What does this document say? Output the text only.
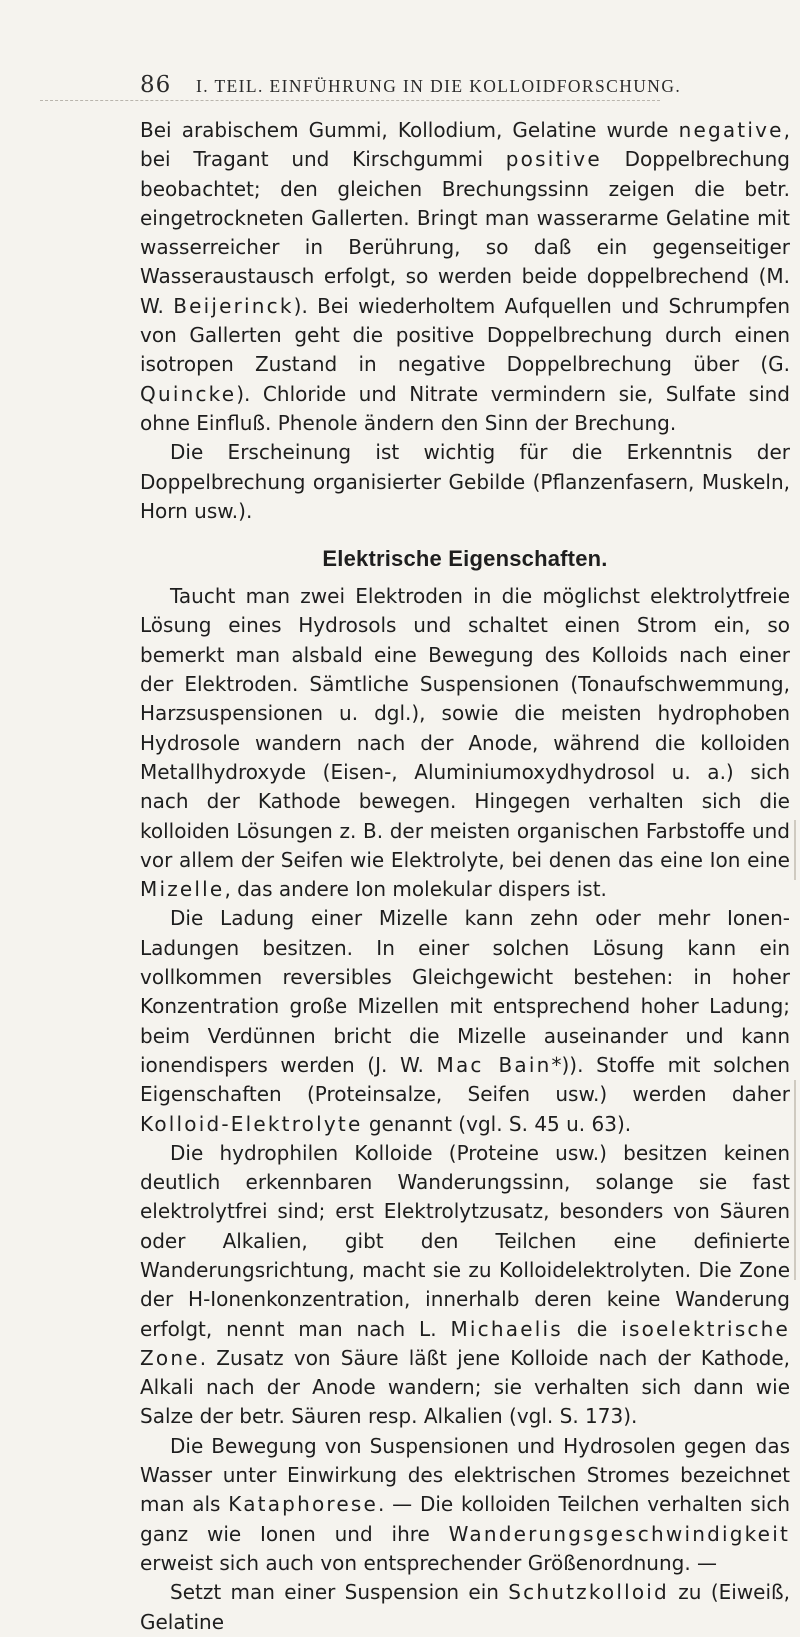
86 I. TEIL. EINFÜHRUNG IN DIE KOLLOIDFORSCHUNG.

Bei arabischem Gummi, Kollodium, Gelatine wurde negative, bei Tragant und Kirschgummi positive Doppelbrechung beobachtet; den gleichen Brechungssinn zeigen die betr. eingetrockneten Gallerten. Bringt man wasserarme Gelatine mit wasserreicher in Berührung, so daß ein gegenseitiger Wasseraustausch erfolgt, so werden beide doppelbrechend (M. W. Beijerinck). Bei wiederholtem Aufquellen und Schrumpfen von Gallerten geht die positive Doppelbrechung durch einen isotropen Zustand in negative Doppelbrechung über (G. Quincke). Chloride und Nitrate vermindern sie, Sulfate sind ohne Einfluß. Phenole ändern den Sinn der Brechung.

Die Erscheinung ist wichtig für die Erkenntnis der Doppelbrechung organisierter Gebilde (Pflanzenfasern, Muskeln, Horn usw.).

Elektrische Eigenschaften.

Taucht man zwei Elektroden in die möglichst elektrolytfreie Lösung eines Hydrosols und schaltet einen Strom ein, so bemerkt man alsbald eine Bewegung des Kolloids nach einer der Elektroden. Sämtliche Suspensionen (Tonaufschwemmung, Harzsuspensionen u. dgl.), sowie die meisten hydrophoben Hydrosole wandern nach der Anode, während die kolloiden Metallhydroxyde (Eisen-, Aluminiumoxydhydrosol u. a.) sich nach der Kathode bewegen. Hingegen verhalten sich die kolloiden Lösungen z. B. der meisten organischen Farbstoffe und vor allem der Seifen wie Elektrolyte, bei denen das eine Ion eine Mizelle, das andere Ion molekular dispers ist.

Die Ladung einer Mizelle kann zehn oder mehr Ionen-Ladungen besitzen. In einer solchen Lösung kann ein vollkommen reversibles Gleichgewicht bestehen: in hoher Konzentration große Mizellen mit entsprechend hoher Ladung; beim Verdünnen bricht die Mizelle auseinander und kann ionendispers werden (J. W. Mac Bain*)). Stoffe mit solchen Eigenschaften (Proteinsalze, Seifen usw.) werden daher Kolloid-Elektrolyte genannt (vgl. S. 45 u. 63).

Die hydrophilen Kolloide (Proteine usw.) besitzen keinen deutlich erkennbaren Wanderungssinn, solange sie fast elektrolytfrei sind; erst Elektrolytzusatz, besonders von Säuren oder Alkalien, gibt den Teilchen eine definierte Wanderungsrichtung, macht sie zu Kolloidelektrolyten. Die Zone der H-Ionenkonzentration, innerhalb deren keine Wanderung erfolgt, nennt man nach L. Michaelis die isoelektrische Zone. Zusatz von Säure läßt jene Kolloide nach der Kathode, Alkali nach der Anode wandern; sie verhalten sich dann wie Salze der betr. Säuren resp. Alkalien (vgl. S. 173).

Die Bewegung von Suspensionen und Hydrosolen gegen das Wasser unter Einwirkung des elektrischen Stromes bezeichnet man als Kataphorese. — Die kolloiden Teilchen verhalten sich ganz wie Ionen und ihre Wanderungsgeschwindigkeit erweist sich auch von entsprechender Größenordnung. —

Setzt man einer Suspension ein Schutzkolloid zu (Eiweiß, Gelatine
